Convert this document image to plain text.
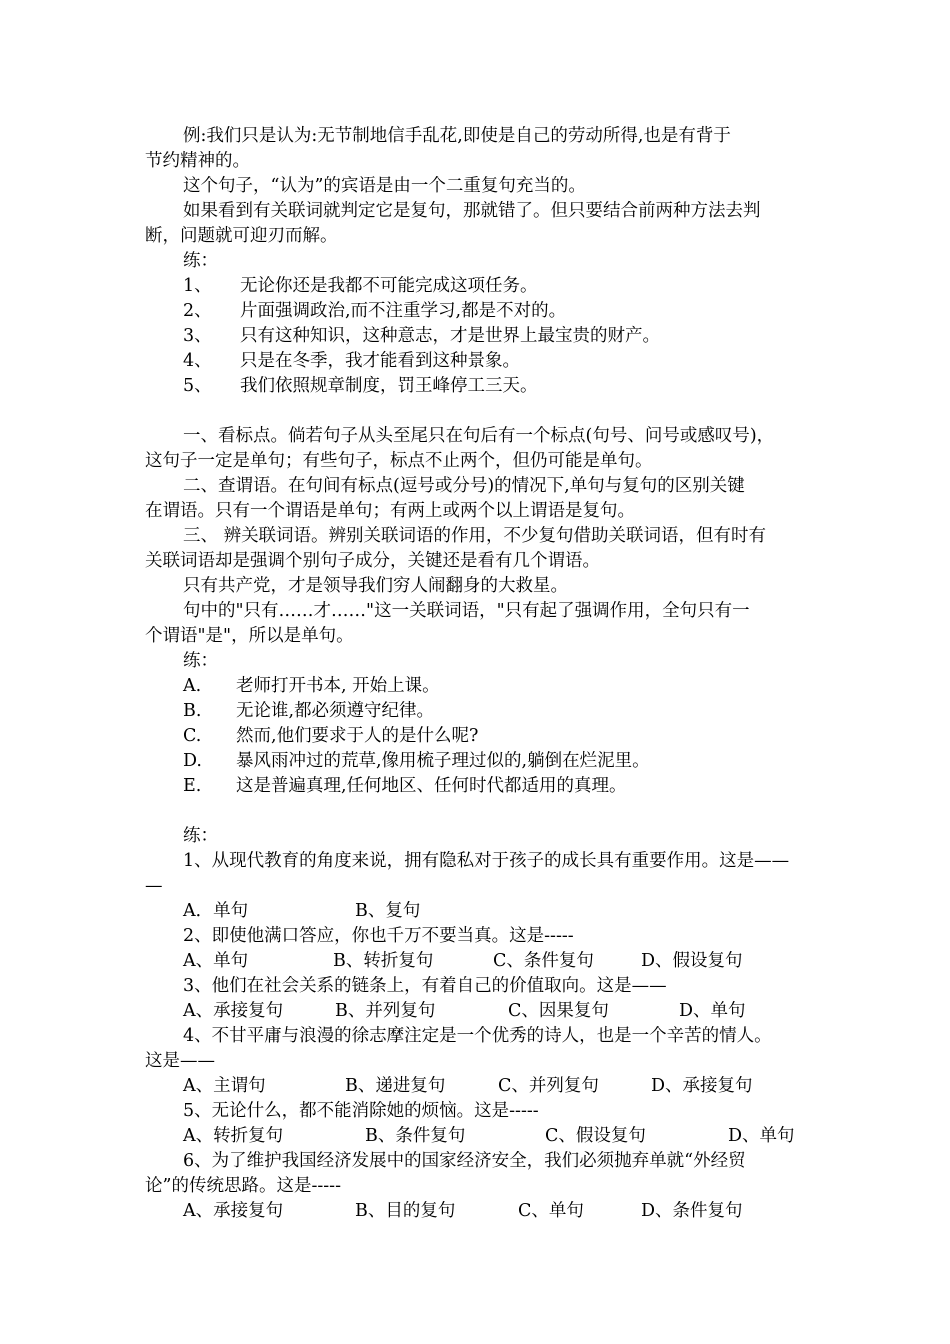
例:我们只是认为:无节制地信手乱花,即使是自己的劳动所得,也是有背于
节约精神的。
这个句子，“认为”的宾语是由一个二重复句充当的。
如果看到有关联词就判定它是复句，那就错了。但只要结合前两种方法去判
断，问题就可迎刃而解。
练：
1、 无论你还是我都不可能完成这项任务。
2、 片面强调政治,而不注重学习,都是不对的。
3、 只有这种知识，这种意志，才是世界上最宝贵的财产。
4、 只是在冬季，我才能看到这种景象。
5、 我们依照规章制度，罚王峰停工三天。
一、看标点。倘若句子从头至尾只在句后有一个标点(句号、问号或感叹号)，
这句子一定是单句；有些句子，标点不止两个，但仍可能是单句。
二、查谓语。在句间有标点(逗号或分号)的情况下,单句与复句的区别关键
在谓语。只有一个谓语是单句；有两上或两个以上谓语是复句。
三、 辨关联词语。辨别关联词语的作用，不少复句借助关联词语，但有时有
关联词语却是强调个别句子成分，关键还是看有几个谓语。
只有共产党，才是领导我们穷人闹翻身的大救星。
句中的"只有……才……"这一关联词语，"只有起了强调作用，全句只有一
个谓语"是"，所以是单句。
练：
A. 老师打开书本, 开始上课。
B. 无论谁,都必须遵守纪律。
C. 然而,他们要求于人的是什么呢?
D. 暴风雨冲过的荒草,像用梳子理过似的,躺倒在烂泥里。
E. 这是普遍真理,任何地区、任何时代都适用的真理。
练：
1、从现代教育的角度来说，拥有隐私对于孩子的成长具有重要作用。这是——
—
A．单句	B、复句
2、即使他满口答应，你也千万不要当真。这是-----
A、单句	B、转折复句	C、条件复句	D、假设复句
3、他们在社会关系的链条上，有着自己的价值取向。这是——
A、承接复句	B、并列复句	C、因果复句	D、单句
4、不甘平庸与浪漫的徐志摩注定是一个优秀的诗人，也是一个辛苦的情人。
这是——
A、主谓句	B、递进复句	C、并列复句	D、承接复句
5、无论什么，都不能消除她的烦恼。这是-----
A、转折复句	B、条件复句	C、假设复句	D、单句
6、为了维护我国经济发展中的国家经济安全，我们必须抛弃单就“外经贸
论”的传统思路。这是-----
A、承接复句	B、目的复句	C、单句	D、条件复句
